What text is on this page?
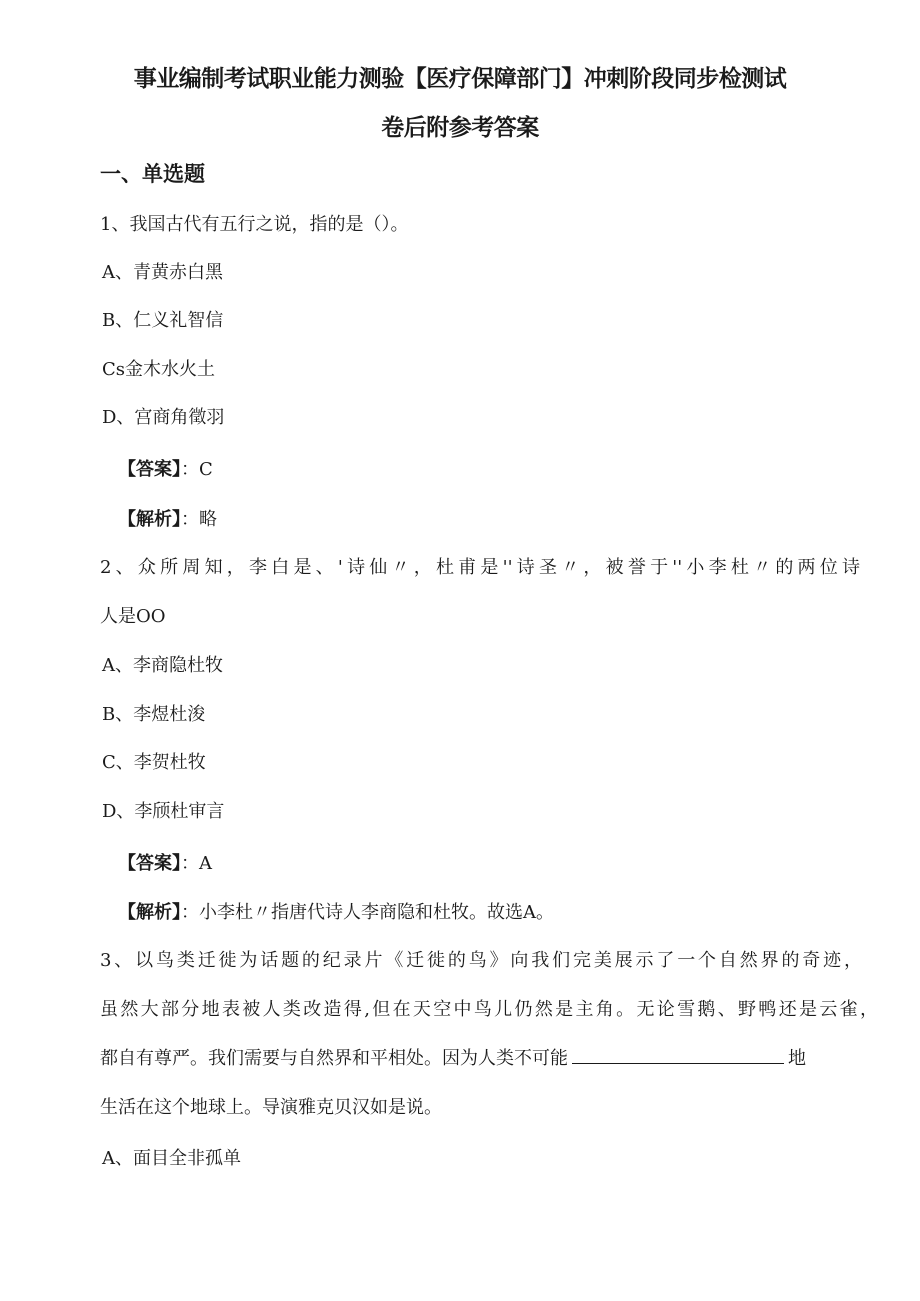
事业编制考试职业能力测验【医疗保障部门】冲刺阶段同步检测试
卷后附参考答案
一、单选题
1、我国古代有五行之说，指的是（）。
A、青黄赤白黑
B、仁义礼智信
Cs金木水火土
D、宫商角徵羽
【答案】：C
【解析】：略
2、众所周知，李白是、'诗仙〃，杜甫是''诗圣〃，被誉于''小李杜〃的两位诗
人是OO
A、李商隐杜牧
B、李煜杜浚
C、李贺杜牧
D、李颀杜审言
【答案】：A
【解析】：小李杜〃指唐代诗人李商隐和杜牧。故选A。
3、以鸟类迁徙为话题的纪录片《迁徙的鸟》向我们完美展示了一个自然界的奇迹，
虽然大部分地表被人类改造得,但在天空中鸟儿仍然是主角。无论雪鹅、野鸭还是云雀，
都自有尊严。我们需要与自然界和平相处。因为人类不可能	地
生活在这个地球上。导演雅克贝汉如是说。
A、面目全非孤单
